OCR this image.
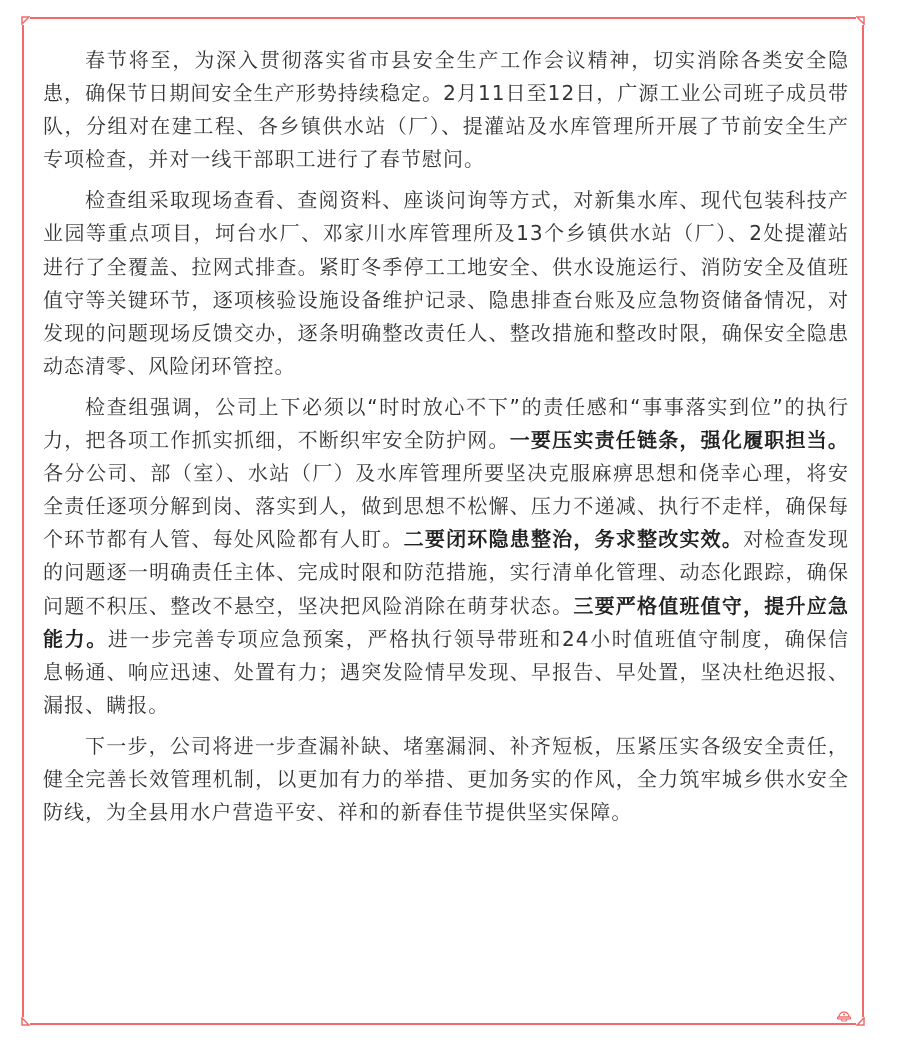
春节将至，为深入贯彻落实省市县安全生产工作会议精神，切实消除各类安全隐患，确保节日期间安全生产形势持续稳定。2月11日至12日，广源工业公司班子成员带队，分组对在建工程、各乡镇供水站（厂）、提灌站及水库管理所开展了节前安全生产专项检查，并对一线干部职工进行了春节慰问。

检查组采取现场查看、查阅资料、座谈问询等方式，对新集水库、现代包装科技产业园等重点项目，坷台水厂、邓家川水库管理所及13个乡镇供水站（厂）、2处提灌站进行了全覆盖、拉网式排查。紧盯冬季停工工地安全、供水设施运行、消防安全及值班值守等关键环节，逐项核验设施设备维护记录、隐患排查台账及应急物资储备情况，对发现的问题现场反馈交办，逐条明确整改责任人、整改措施和整改时限，确保安全隐患动态清零、风险闭环管控。

检查组强调，公司上下必须以“时时放心不下”的责任感和“事事落实到位”的执行力，把各项工作抓实抓细，不断织牢安全防护网。一要压实责任链条，强化履职担当。各分公司、部（室）、水站（厂）及水库管理所要坚决克服麻痹思想和侥幸心理，将安全责任逐项分解到岗、落实到人，做到思想不松懈、压力不递减、执行不走样，确保每个环节都有人管、每处风险都有人盯。二要闭环隐患整治，务求整改实效。对检查发现的问题逐一明确责任主体、完成时限和防范措施，实行清单化管理、动态化跟踪，确保问题不积压、整改不悬空，坚决把风险消除在萌芽状态。三要严格值班值守，提升应急能力。进一步完善专项应急预案，严格执行领导带班和24小时值班值守制度，确保信息畅通、响应迅速、处置有力；遇突发险情早发现、早报告、早处置，坚决杜绝迟报、漏报、瞒报。

下一步，公司将进一步查漏补缺、堵塞漏洞、补齐短板，压紧压实各级安全责任，健全完善长效管理机制，以更加有力的举措、更加务实的作风，全力筑牢城乡供水安全防线，为全县用水户营造平安、祥和的新春佳节提供坚实保障。
